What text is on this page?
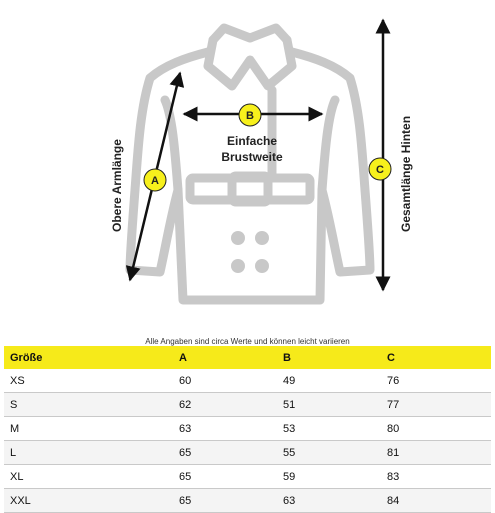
A
B
C
Obere Armlänge	Einfache
Brustweite	Gesamtlänge Hinten
Alle Angaben sind circa Werte und können leicht variieren
Größe	A	B	C
XS	60	49	76
S	62	51	77
M	63	53	80
L	65	55	81
XL	65	59	83
XXL	65	63	84
